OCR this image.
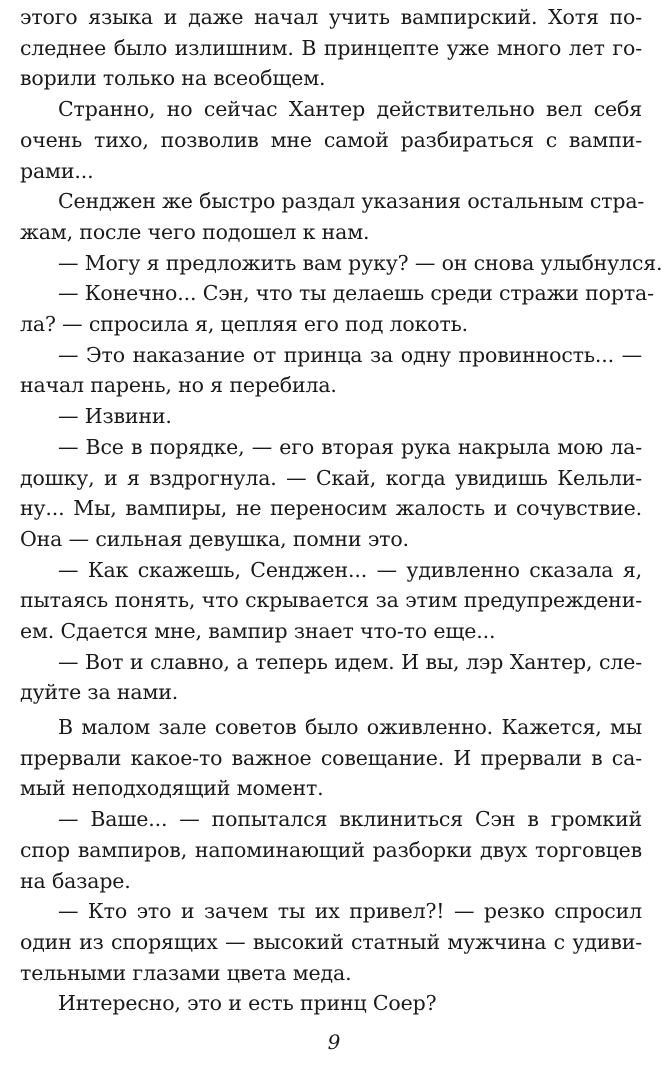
этого языка и даже начал учить вампирский. Хотя по-
следнее было излишним. В принцепте уже много лет го-
ворили только на всеобщем.
Странно, но сейчас Хантер действительно вел себя
очень тихо, позволив мне самой разбираться с вампи-
рами...
Сенджен же быстро раздал указания остальным стра-
жам, после чего подошел к нам.
— Могу я предложить вам руку? — он снова улыбнулся.
— Конечно... Сэн, что ты делаешь среди стражи порта-
ла? — спросила я, цепляя его под локоть.
— Это наказание от принца за одну провинность... —
начал парень, но я перебила.
— Извини.
— Все в порядке, — его вторая рука накрыла мою ла-
дошку, и я вздрогнула. — Скай, когда увидишь Кельли-
ну... Мы, вампиры, не переносим жалость и сочувствие.
Она — сильная девушка, помни это.
— Как скажешь, Сенджен... — удивленно сказала я,
пытаясь понять, что скрывается за этим предупреждени-
ем. Сдается мне, вампир знает что-то еще...
— Вот и славно, а теперь идем. И вы, лэр Хантер, сле-
дуйте за нами.
В малом зале советов было оживленно. Кажется, мы
прервали какое-то важное совещание. И прервали в са-
мый неподходящий момент.
— Ваше... — попытался вклиниться Сэн в громкий
спор вампиров, напоминающий разборки двух торговцев
на базаре.
— Кто это и зачем ты их привел?! — резко спросил
один из спорящих — высокий статный мужчина с удиви-
тельными глазами цвета меда.
Интересно, это и есть принц Соер?
9
